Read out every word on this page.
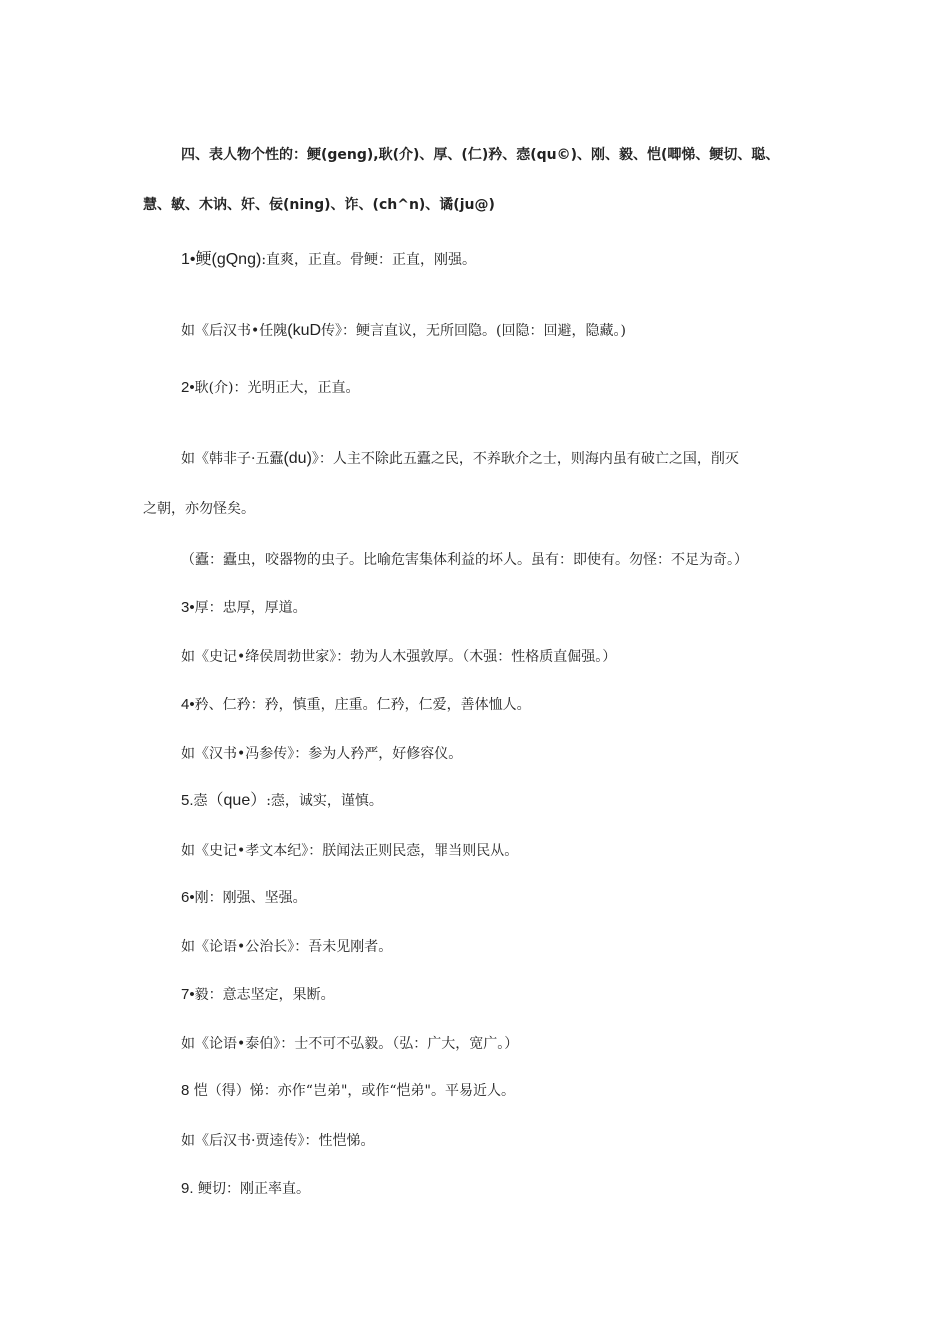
四、表人物个性的：鲠(geng),耿(介)、厚、(仁)矜、悫(qu©)、刚、毅、恺(唧悌、鲠切、聪、
慧、敏、木讷、奸、佞(ning)、诈、(ch^n)、谲(ju@)
1•鲠(gQng):直爽，正直。骨鲠：正直，刚强。
如《后汉书•任隗(kuD传》：鲠言直议，无所回隐。(回隐：回避，隐藏。)
2•耿(介)：光明正大，正直。
如《韩非子·五蠹(du)》：人主不除此五蠹之民，不养耿介之士，则海内虽有破亡之国，削灭
之朝，亦勿怪矣。
（蠹：蠹虫，咬器物的虫子。比喻危害集体利益的坏人。虽有：即使有。勿怪：不足为奇。）
3•厚：忠厚，厚道。
如《史记•绛侯周勃世家》：勃为人木强敦厚。（木强：性格质直倔强。）
4•矜、仁矜：矜，慎重，庄重。仁矜，仁爱，善体恤人。
如《汉书•冯参传》：参为人矜严，好修容仪。
5.悫（que）:悫，诚实，谨慎。
如《史记•孝文本纪》：朕闻法正则民悫，罪当则民从。
6•刚：刚强、坚强。
如《论语•公治长》：吾未见刚者。
7•毅：意志坚定，果断。
如《论语•泰伯》：士不可不弘毅。（弘：广大，宽广。）
8 恺（得）悌：亦作“岂弟"，或作“恺弟"。平易近人。
如《后汉书·贾逵传》：性恺悌。
9. 鲠切：刚正率直。
